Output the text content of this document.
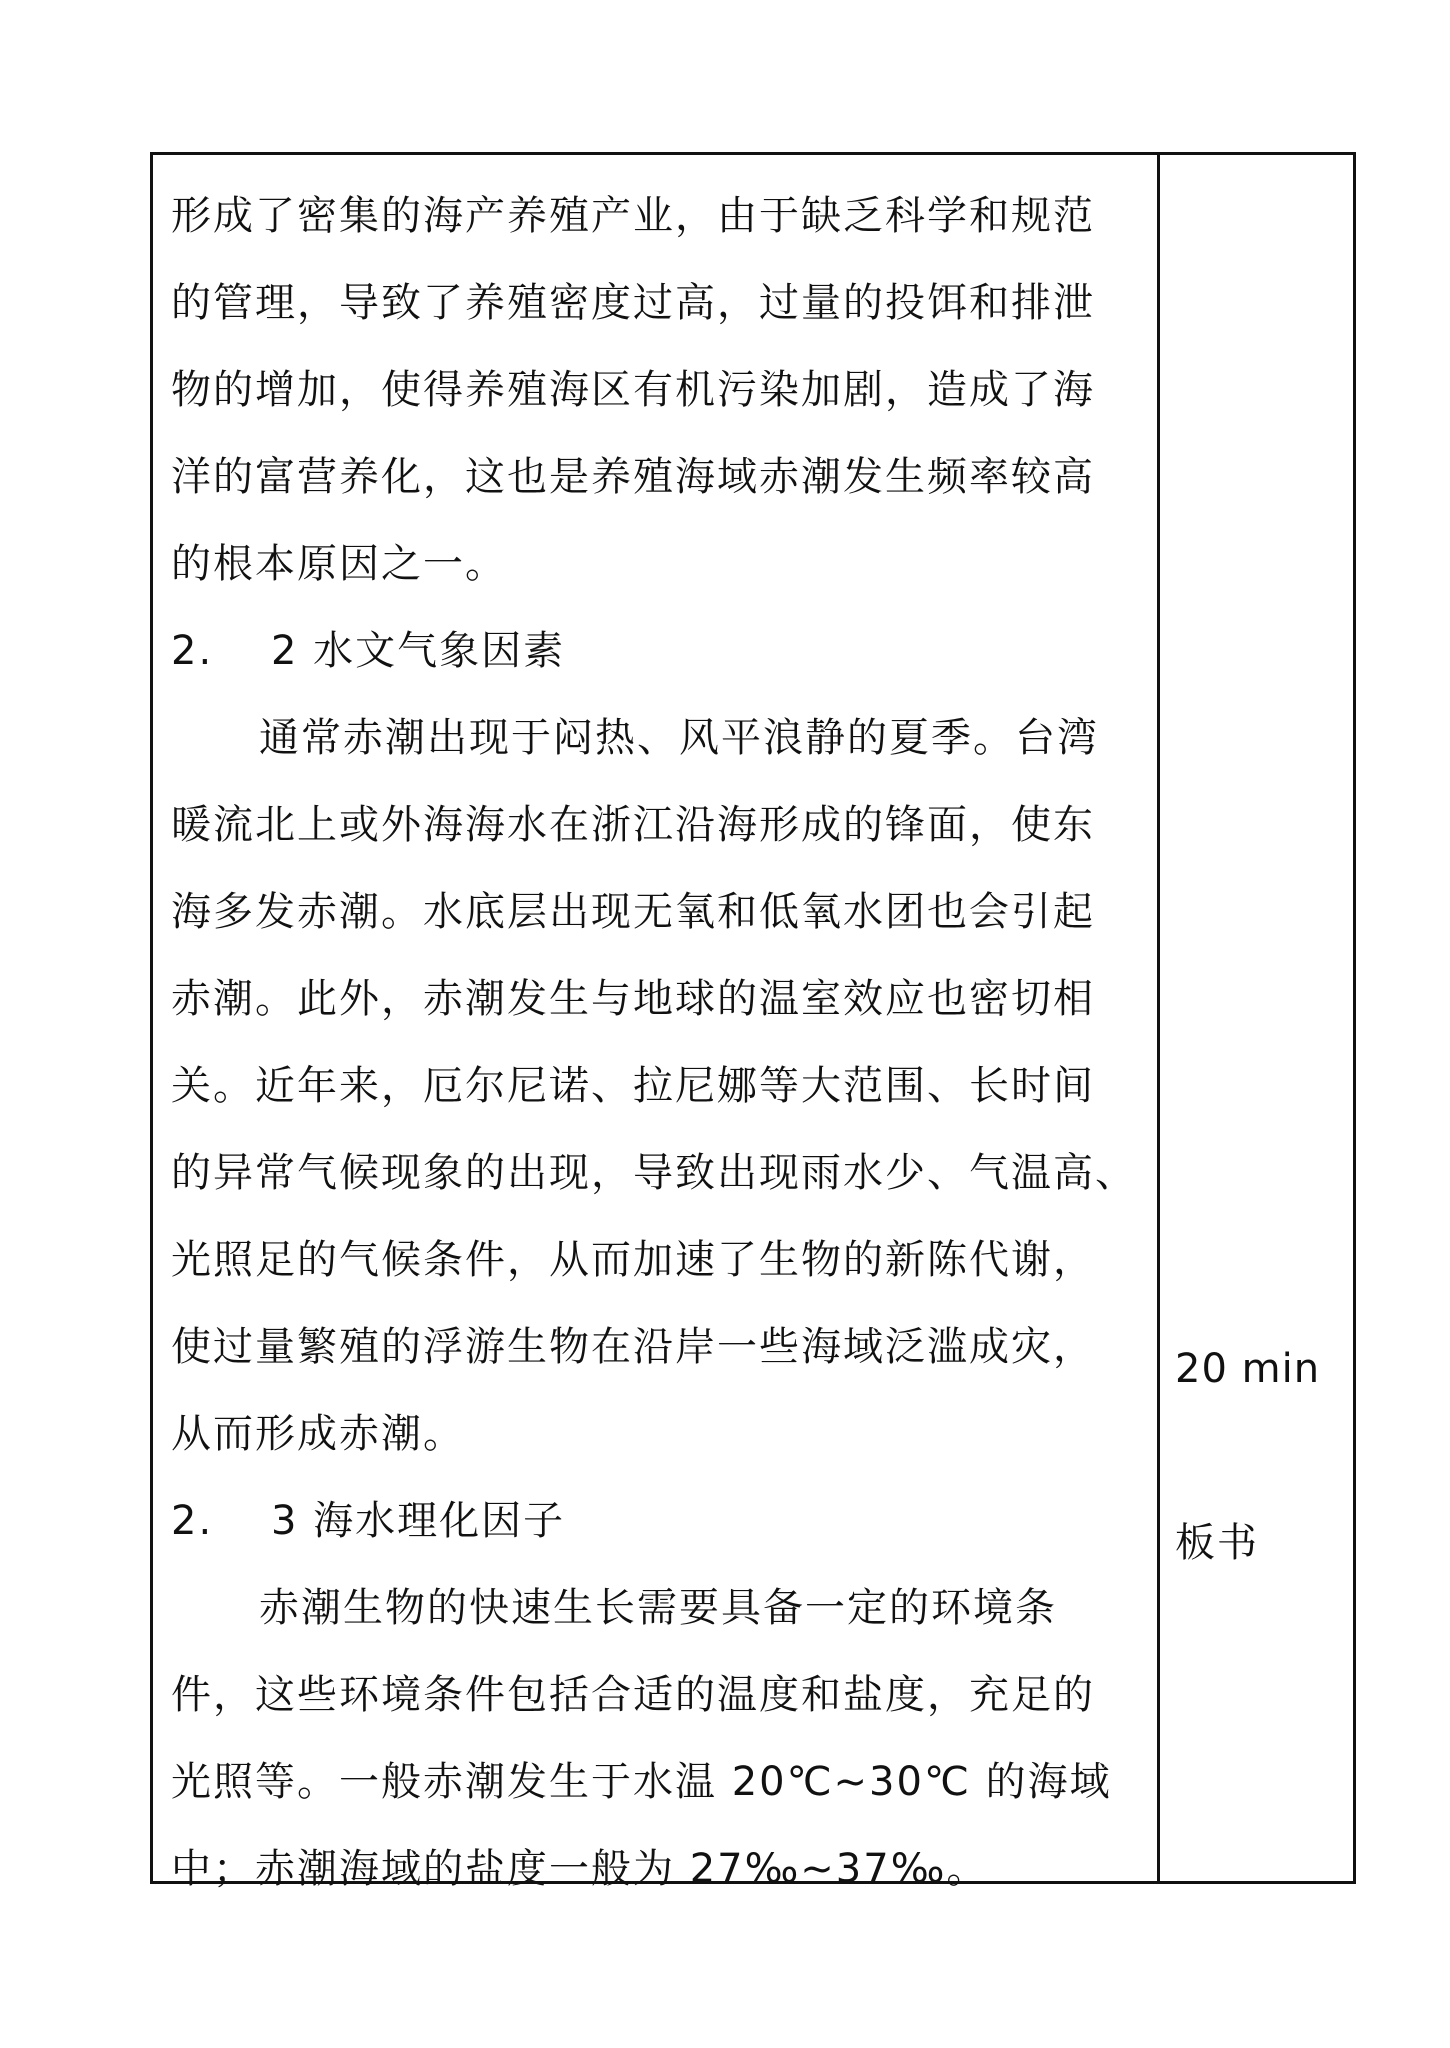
形成了密集的海产养殖产业，由于缺乏科学和规范
的管理，导致了养殖密度过高，过量的投饵和排泄
物的增加，使得养殖海区有机污染加剧，造成了海
洋的富营养化，这也是养殖海域赤潮发生频率较高
的根本原因之一。
2. 2 水文气象因素
通常赤潮出现于闷热、风平浪静的夏季。台湾
暖流北上或外海海水在浙江沿海形成的锋面，使东
海多发赤潮。水底层出现无氧和低氧水团也会引起
赤潮。此外，赤潮发生与地球的温室效应也密切相
关。近年来，厄尔尼诺、拉尼娜等大范围、长时间
的异常气候现象的出现，导致出现雨水少、气温高、
光照足的气候条件，从而加速了生物的新陈代谢，
使过量繁殖的浮游生物在沿岸一些海域泛滥成灾，
从而形成赤潮。
2. 3 海水理化因子
赤潮生物的快速生长需要具备一定的环境条
件，这些环境条件包括合适的温度和盐度，充足的
光照等。一般赤潮发生于水温 20℃~30℃ 的海域
中；赤潮海域的盐度一般为 27‰~37‰。
20 min
板书
